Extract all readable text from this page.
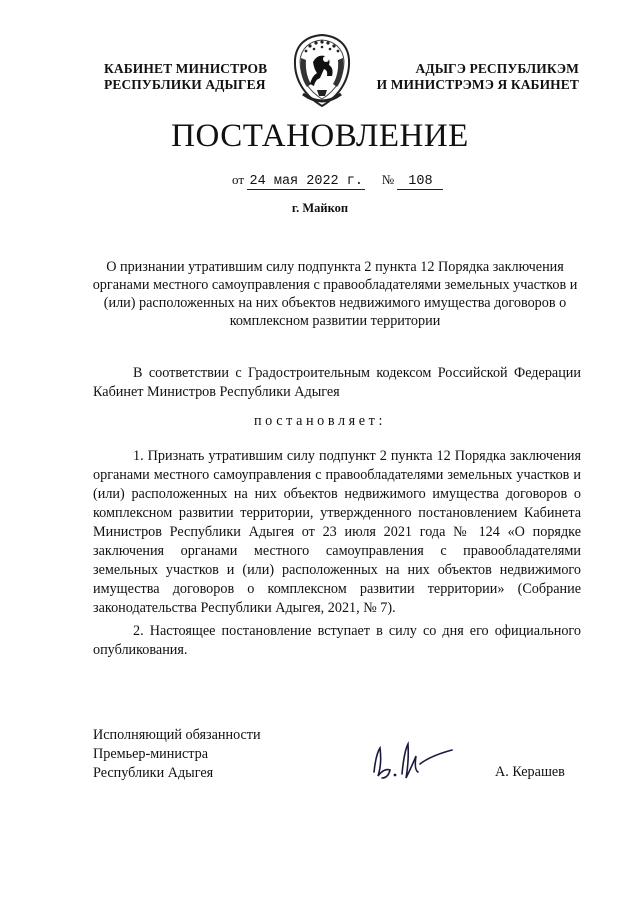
КАБИНЕТ МИНИСТРОВ
РЕСПУБЛИКИ АДЫГЕЯ
АДЫГЭ РЕСПУБЛИКЭМ
И МИНИСТРЭМЭ Я КАБИНЕТ
ПОСТАНОВЛЕНИЕ
от 24 мая 2022 г. № 108
г. Майкоп
О признании утратившим силу подпункта 2 пункта 12 Порядка заключения органами местного самоуправления с правообладателями земельных участков и (или) расположенных на них объектов недвижимого имущества договоров о комплексном развитии территории
В соответствии с Градостроительным кодексом Российской Федерации Кабинет Министров Республики Адыгея
постановляет:
1. Признать утратившим силу подпункт 2 пункта 12 Порядка заключения органами местного самоуправления с правообладателями земельных участков и (или) расположенных на них объектов недвижимого имущества договоров о комплексном развитии территории, утвержденного постановлением Кабинета Министров Республики Адыгея от 23 июля 2021 года № 124 «О порядке заключения органами местного самоуправления с правообладателями земельных участков и (или) расположенных на них объектов недвижимого имущества договоров о комплексном развитии территории» (Собрание законодательства Республики Адыгея, 2021, № 7).
2. Настоящее постановление вступает в силу со дня его официального опубликования.
Исполняющий обязанности
Премьер-министра
Республики Адыгея	А. Керашев
